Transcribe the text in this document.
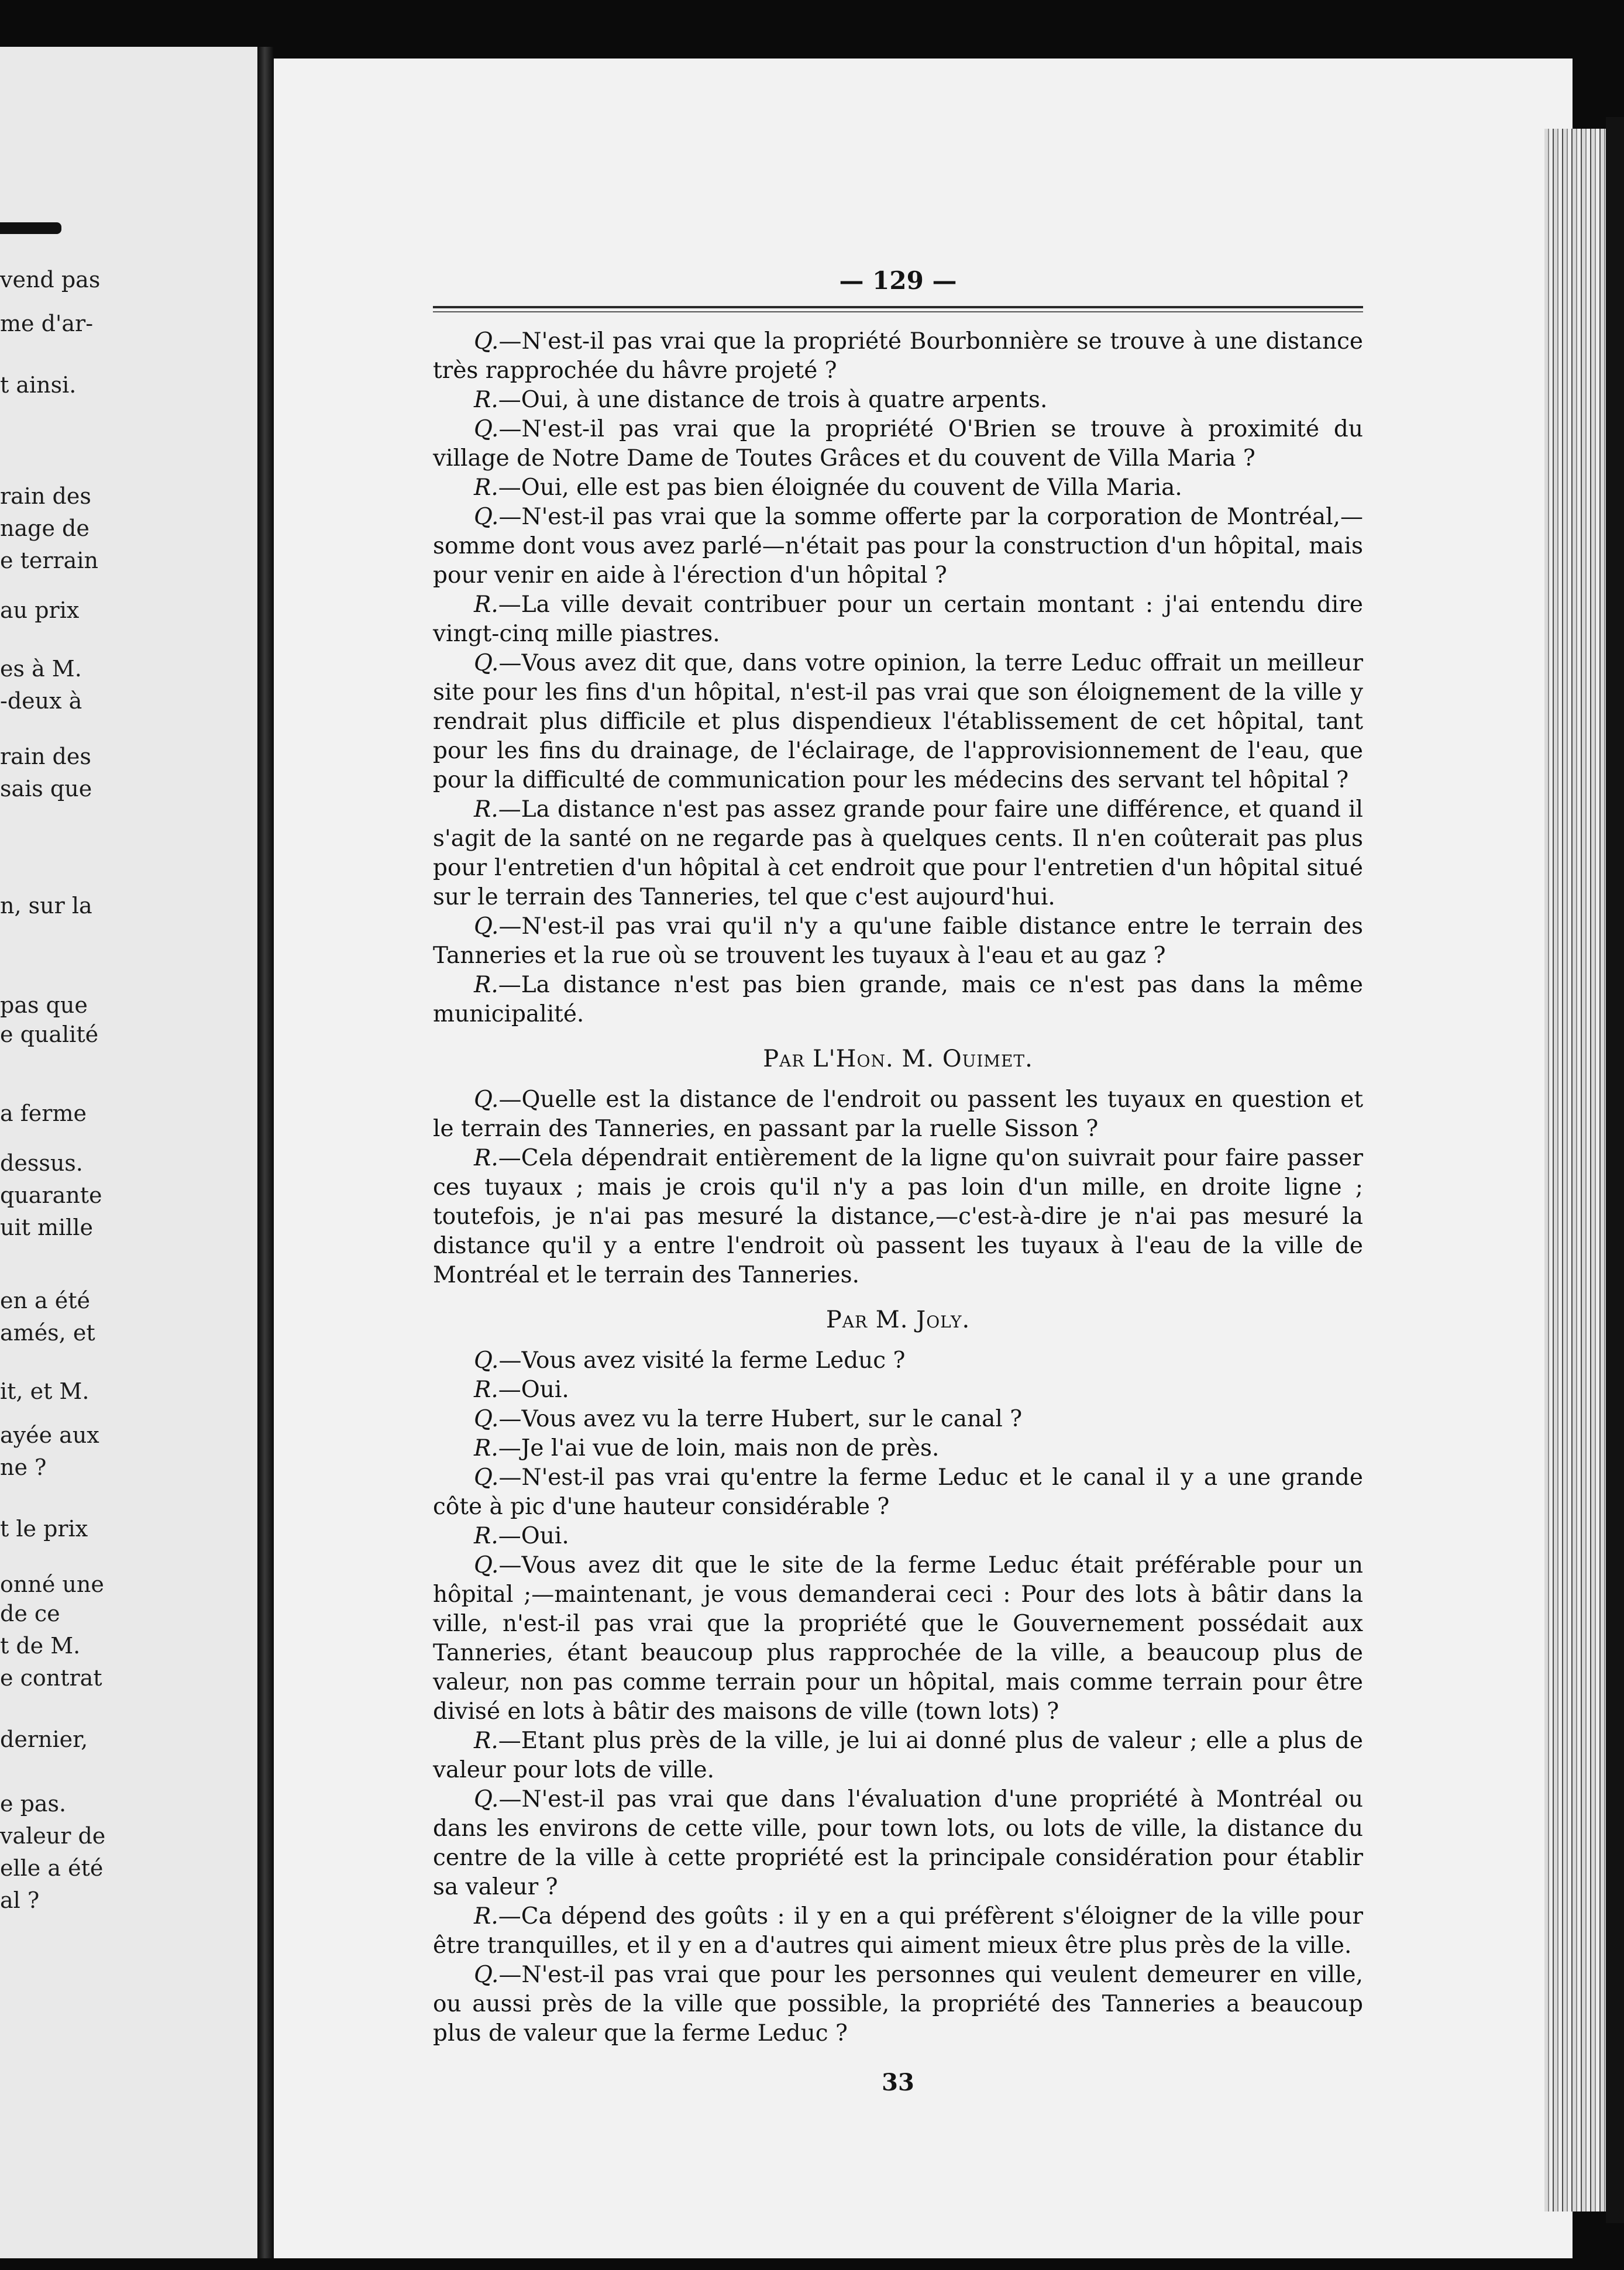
vend pas
me d'ar-
t ainsi.
rain des
nage de
e terrain
au prix
es à M.
-deux à
rain des
sais que
n, sur la
pas que
e qualité
a ferme
dessus.
quarante
uit mille
en a été
amés, et
it, et M.
ayée aux
ne ?
t le prix
onné une
de ce
t de M.
e contrat
dernier,
e pas.
valeur de
elle a été
al ?
— 129 —

Q.—N'est-il pas vrai que la propriété Bourbonnière se trouve à une distance très rapprochée du hâvre projeté ?

R.—Oui, à une distance de trois à quatre arpents.

Q.—N'est-il pas vrai que la propriété O'Brien se trouve à proximité du village de Notre Dame de Toutes Grâces et du couvent de Villa Maria ?

R.—Oui, elle est pas bien éloignée du couvent de Villa Maria.

Q.—N'est-il pas vrai que la somme offerte par la corporation de Montréal,—somme dont vous avez parlé—n'était pas pour la construction d'un hôpital, mais pour venir en aide à l'érection d'un hôpital ?

R.—La ville devait contribuer pour un certain montant : j'ai entendu dire vingt-cinq mille piastres.

Q.—Vous avez dit que, dans votre opinion, la terre Leduc offrait un meilleur site pour les fins d'un hôpital, n'est-il pas vrai que son éloignement de la ville y rendrait plus difficile et plus dispendieux l'établissement de cet hôpital, tant pour les fins du drainage, de l'éclairage, de l'approvisionnement de l'eau, que pour la difficulté de communication pour les médecins des servant tel hôpital ?

R.—La distance n'est pas assez grande pour faire une différence, et quand il s'agit de la santé on ne regarde pas à quelques cents. Il n'en coûterait pas plus pour l'entretien d'un hôpital à cet endroit que pour l'entretien d'un hôpital situé sur le terrain des Tanneries, tel que c'est aujourd'hui.

Q.—N'est-il pas vrai qu'il n'y a qu'une faible distance entre le terrain des Tanneries et la rue où se trouvent les tuyaux à l'eau et au gaz ?

R.—La distance n'est pas bien grande, mais ce n'est pas dans la même municipalité.

Par L'Hon. M. Ouimet.

Q.—Quelle est la distance de l'endroit ou passent les tuyaux en question et le terrain des Tanneries, en passant par la ruelle Sisson ?

R.—Cela dépendrait entièrement de la ligne qu'on suivrait pour faire passer ces tuyaux ; mais je crois qu'il n'y a pas loin d'un mille, en droite ligne ; toutefois, je n'ai pas mesuré la distance,—c'est-à-dire je n'ai pas mesuré la distance qu'il y a entre l'endroit où passent les tuyaux à l'eau de la ville de Montréal et le terrain des Tanneries.

Par M. Joly.

Q.—Vous avez visité la ferme Leduc ?

R.—Oui.

Q.—Vous avez vu la terre Hubert, sur le canal ?

R.—Je l'ai vue de loin, mais non de près.

Q.—N'est-il pas vrai qu'entre la ferme Leduc et le canal il y a une grande côte à pic d'une hauteur considérable ?

R.—Oui.

Q.—Vous avez dit que le site de la ferme Leduc était préférable pour un hôpital ;—maintenant, je vous demanderai ceci : Pour des lots à bâtir dans la ville, n'est-il pas vrai que la propriété que le Gouvernement possédait aux Tanneries, étant beaucoup plus rapprochée de la ville, a beaucoup plus de valeur, non pas comme terrain pour un hôpital, mais comme terrain pour être divisé en lots à bâtir des maisons de ville (town lots) ?

R.—Etant plus près de la ville, je lui ai donné plus de valeur ; elle a plus de valeur pour lots de ville.

Q.—N'est-il pas vrai que dans l'évaluation d'une propriété à Montréal ou dans les environs de cette ville, pour town lots, ou lots de ville, la distance du centre de la ville à cette propriété est la principale considération pour établir sa valeur ?

R.—Ca dépend des goûts : il y en a qui préfèrent s'éloigner de la ville pour être tranquilles, et il y en a d'autres qui aiment mieux être plus près de la ville.

Q.—N'est-il pas vrai que pour les personnes qui veulent demeurer en ville, ou aussi près de la ville que possible, la propriété des Tanneries a beaucoup plus de valeur que la ferme Leduc ?

33
